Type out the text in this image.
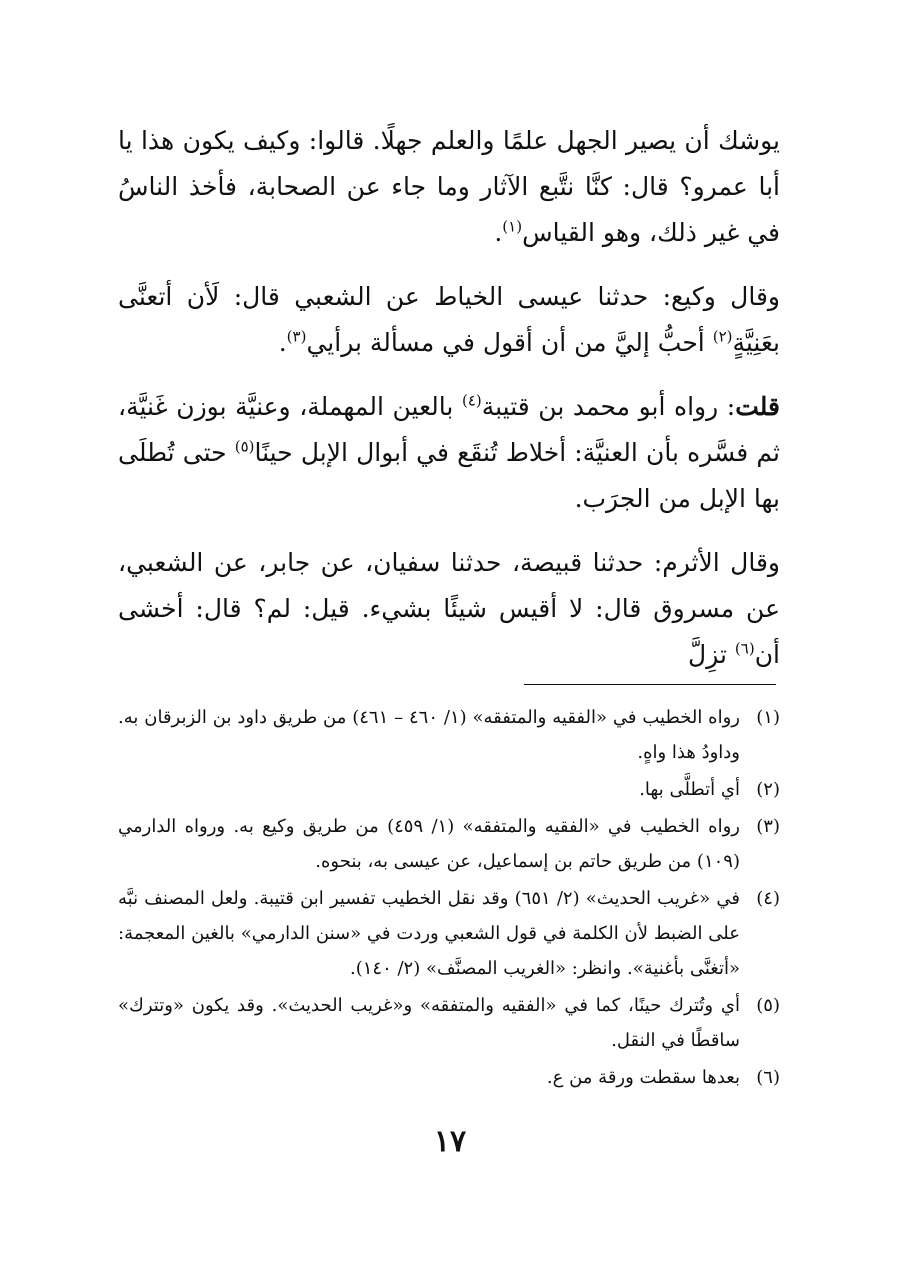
يوشك أن يصير الجهل علمًا والعلم جهلًا. قالوا: وكيف يكون هذا يا أبا عمرو؟ قال: كنَّا نتَّبع الآثار وما جاء عن الصحابة، فأخذ الناسُ في غير ذلك، وهو القياس$^{(١)}$.

وقال وكيع: حدثنا عيسى الخياط عن الشعبي قال: لَأن أتعنَّى بعَنِيَّةٍ$^{(٢)}$ أحبُّ إليَّ من أن أقول في مسألة برأيي$^{(٣)}$.

قلت: رواه أبو محمد بن قتيبة$^{(٤)}$ بالعين المهملة، وعنيَّة بوزن غَنيَّة، ثم فسَّره بأن العنيَّة: أخلاط تُنقَع في أبوال الإبل حينًا$^{(٥)}$ حتى تُطلَى بها الإبل من الجرَب.

وقال الأثرم: حدثنا قبيصة، حدثنا سفيان، عن جابر، عن الشعبي، عن مسروق قال: لا أقيس شيئًا بشيء. قيل: لم؟ قال: أخشى أن$^{(٦)}$ تزِلَّ

(١)
رواه الخطيب في «الفقيه والمتفقه» (١/ ٤٦٠ – ٤٦١) من طريق داود بن الزبرقان به. وداودُ هذا واهٍ.
(٢)
أي أتطلَّى بها.
(٣)
رواه الخطيب في «الفقيه والمتفقه» (١/ ٤٥٩) من طريق وكيع به. ورواه الدارمي (١٠٩) من طريق حاتم بن إسماعيل، عن عيسى به، بنحوه.
(٤)
في «غريب الحديث» (٢/ ٦٥١) وقد نقل الخطيب تفسير ابن قتيبة. ولعل المصنف نبَّه على الضبط لأن الكلمة في قول الشعبي وردت في «سنن الدارمي» بالغين المعجمة: «أتغنَّى بأغنية». وانظر: «الغريب المصنَّف» (٢/ ١٤٠).
(٥)
أي وتُترك حينًا، كما في «الفقيه والمتفقه» و«غريب الحديث». وقد يكون «وتترك» ساقطًا في النقل.
(٦)
بعدها سقطت ورقة من ع.
١٧
